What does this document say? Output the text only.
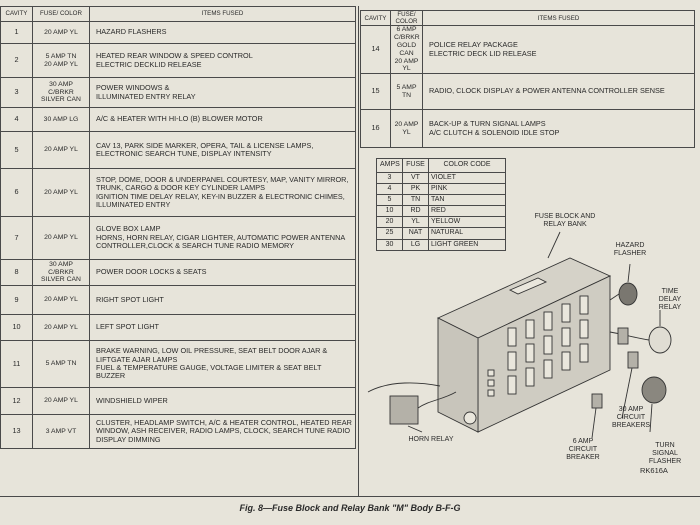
CAVITY	FUSE/ COLOR	ITEMS FUSED
1	20 AMP YL	HAZARD FLASHERS
2	5 AMP TN
20 AMP YL	HEATED REAR WINDOW & SPEED CONTROL
ELECTRIC DECKLID RELEASE
3	30 AMP C/BRKR SILVER CAN	POWER WINDOWS &
ILLUMINATED ENTRY RELAY
4	30 AMP LG	A/C & HEATER WITH HI-LO (B) BLOWER MOTOR
5	20 AMP YL	CAV 13, PARK SIDE MARKER, OPERA, TAIL & LICENSE LAMPS, ELECTRONIC SEARCH TUNE, DISPLAY INTENSITY
6	20 AMP YL	STOP, DOME, DOOR & UNDERPANEL COURTESY, MAP, VANITY MIRROR, TRUNK, CARGO & DOOR KEY CYLINDER LAMPS
IGNITION TIME DELAY RELAY, KEY-IN BUZZER & ELECTRONIC CHIMES, ILLUMINATED ENTRY
7	20 AMP YL	GLOVE BOX LAMP
HORNS, HORN RELAY, CIGAR LIGHTER, AUTOMATIC POWER ANTENNA CONTROLLER,CLOCK & SEARCH TUNE RADIO MEMORY
8	30 AMP C/BRKR SILVER CAN	POWER DOOR LOCKS & SEATS
9	20 AMP YL	RIGHT SPOT LIGHT
10	20 AMP YL	LEFT SPOT LIGHT
11	5 AMP TN	BRAKE WARNING, LOW OIL PRESSURE, SEAT BELT DOOR AJAR & LIFTGATE AJAR LAMPS
FUEL & TEMPERATURE GAUGE, VOLTAGE LIMITER & SEAT BELT BUZZER
12	20 AMP YL	WINDSHIELD WIPER
13	3 AMP VT	CLUSTER, HEADLAMP SWITCH, A/C & HEATER CONTROL, HEATED REAR WINDOW, ASH RECEIVER, RADIO LAMPS, CLOCK, SEARCH TUNE RADIO DISPLAY DIMMING
CAVITY	FUSE/ COLOR	ITEMS FUSED
14	6 AMP C/BRKR GOLD CAN
20 AMP YL	POLICE RELAY PACKAGE
ELECTRIC DECK LID RELEASE
15	5 AMP TN	RADIO, CLOCK DISPLAY & POWER ANTENNA CONTROLLER SENSE
16	20 AMP YL	BACK-UP & TURN SIGNAL LAMPS
A/C CLUTCH & SOLENOID IDLE STOP
AMPS	FUSE	COLOR CODE
3	VT	VIOLET
4	PK	PINK
5	TN	TAN
10	RD	RED
20	YL	YELLOW
25	NAT	NATURAL
30	LG	LIGHT GREEN
FUSE BLOCK AND RELAY BANK
HAZARD FLASHER
TIME DELAY RELAY
HORN RELAY	6 AMP CIRCUIT BREAKER
30 AMP CIRCUIT BREAKERS
TURN SIGNAL FLASHER
RK616A
Fig. 8—Fuse Block and Relay Bank "M" Body B-F-G
